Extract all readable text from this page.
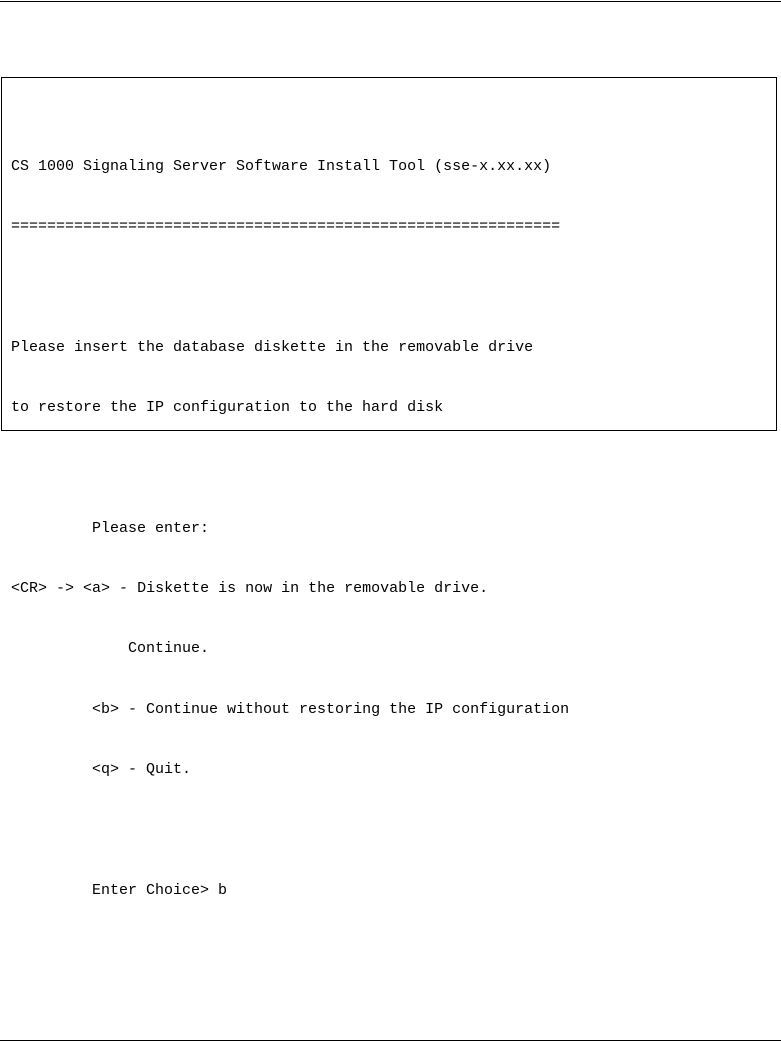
CS 1000 Signaling Server Software Install Tool (sse-x.xx.xx)

=============================================================

Please insert the database diskette in the removable drive

to restore the IP configuration to the hard disk

Please enter:

<CR> -> <a> - Diskette is now in the removable drive.

Continue.

<b> - Continue without restoring the IP configuration

<q> - Quit.

Enter Choice> b
